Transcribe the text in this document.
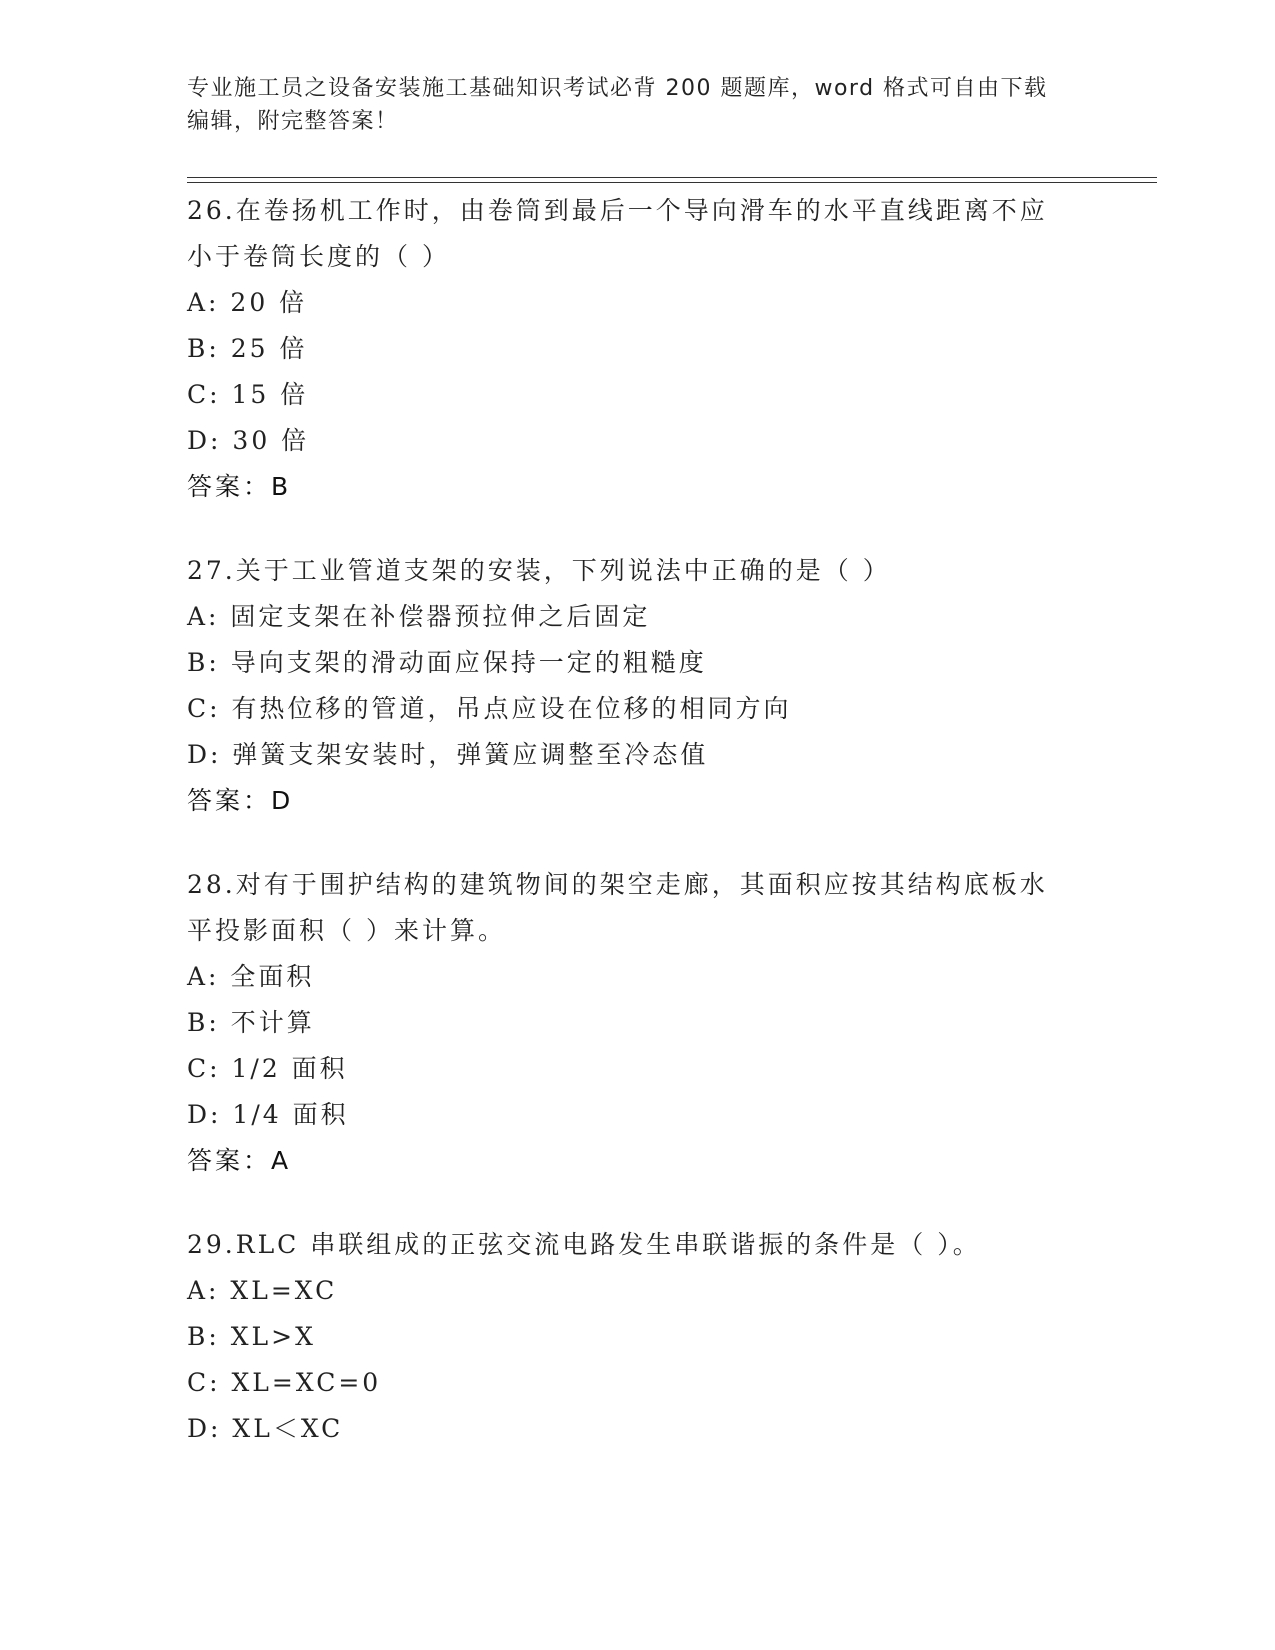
专业施工员之设备安装施工基础知识考试必背 200 题题库，word 格式可自由下载
编辑，附完整答案！
26.在卷扬机工作时，由卷筒到最后一个导向滑车的水平直线距离不应
小于卷筒长度的（ ）
A: 20 倍
B: 25 倍
C: 15 倍
D: 30 倍
答案：B
27.关于工业管道支架的安装，下列说法中正确的是（ ）
A: 固定支架在补偿器预拉伸之后固定
B: 导向支架的滑动面应保持一定的粗糙度
C: 有热位移的管道，吊点应设在位移的相同方向
D: 弹簧支架安装时，弹簧应调整至冷态值
答案：D
28.对有于围护结构的建筑物间的架空走廊，其面积应按其结构底板水
平投影面积（ ）来计算。
A: 全面积
B: 不计算
C: 1/2 面积
D: 1/4 面积
答案：A
29.RLC 串联组成的正弦交流电路发生串联谐振的条件是（ ）。
A: XL=XC
B: XL>X
C: XL=XC=0
D: XL＜XC
